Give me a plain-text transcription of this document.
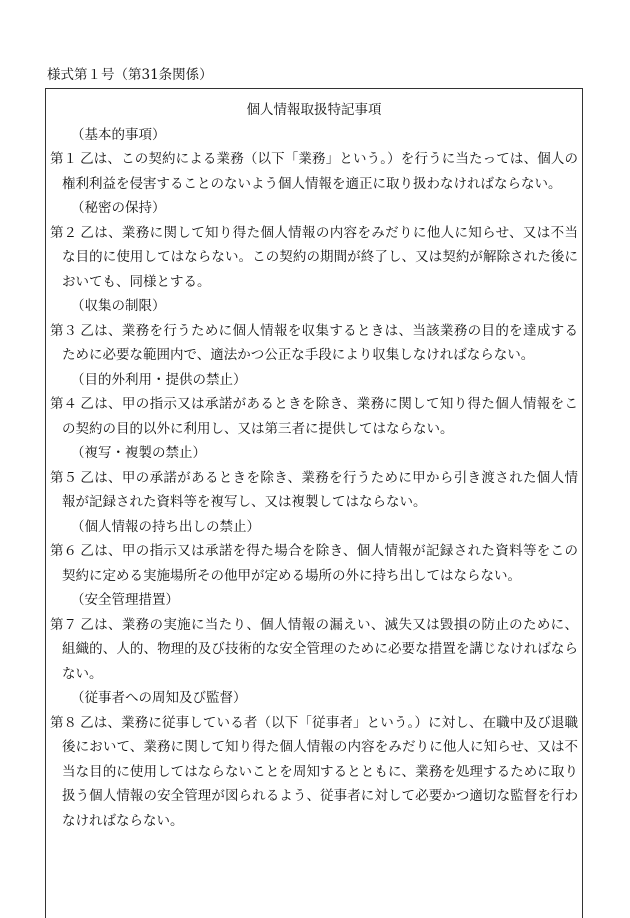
様式第１号（第31条関係）
個人情報取扱特記事項
（基本的事項）
第１ 乙は、この契約による業務（以下「業務」という。）を行うに当たっては、個人の権利利益を侵害することのないよう個人情報を適正に取り扱わなければならない。
（秘密の保持）
第２ 乙は、業務に関して知り得た個人情報の内容をみだりに他人に知らせ、又は不当な目的に使用してはならない。この契約の期間が終了し、又は契約が解除された後においても、同様とする。
（収集の制限）
第３ 乙は、業務を行うために個人情報を収集するときは、当該業務の目的を達成するために必要な範囲内で、適法かつ公正な手段により収集しなければならない。
（目的外利用・提供の禁止）
第４ 乙は、甲の指示又は承諾があるときを除き、業務に関して知り得た個人情報をこの契約の目的以外に利用し、又は第三者に提供してはならない。
（複写・複製の禁止）
第５ 乙は、甲の承諾があるときを除き、業務を行うために甲から引き渡された個人情報が記録された資料等を複写し、又は複製してはならない。
（個人情報の持ち出しの禁止）
第６ 乙は、甲の指示又は承諾を得た場合を除き、個人情報が記録された資料等をこの契約に定める実施場所その他甲が定める場所の外に持ち出してはならない。
（安全管理措置）
第７ 乙は、業務の実施に当たり、個人情報の漏えい、滅失又は毀損の防止のために、組織的、人的、物理的及び技術的な安全管理のために必要な措置を講じなければならない。
（従事者への周知及び監督）
第８ 乙は、業務に従事している者（以下「従事者」という。）に対し、在職中及び退職後において、業務に関して知り得た個人情報の内容をみだりに他人に知らせ、又は不当な目的に使用してはならないことを周知するとともに、業務を処理するために取り扱う個人情報の安全管理が図られるよう、従事者に対して必要かつ適切な監督を行わなければならない。
